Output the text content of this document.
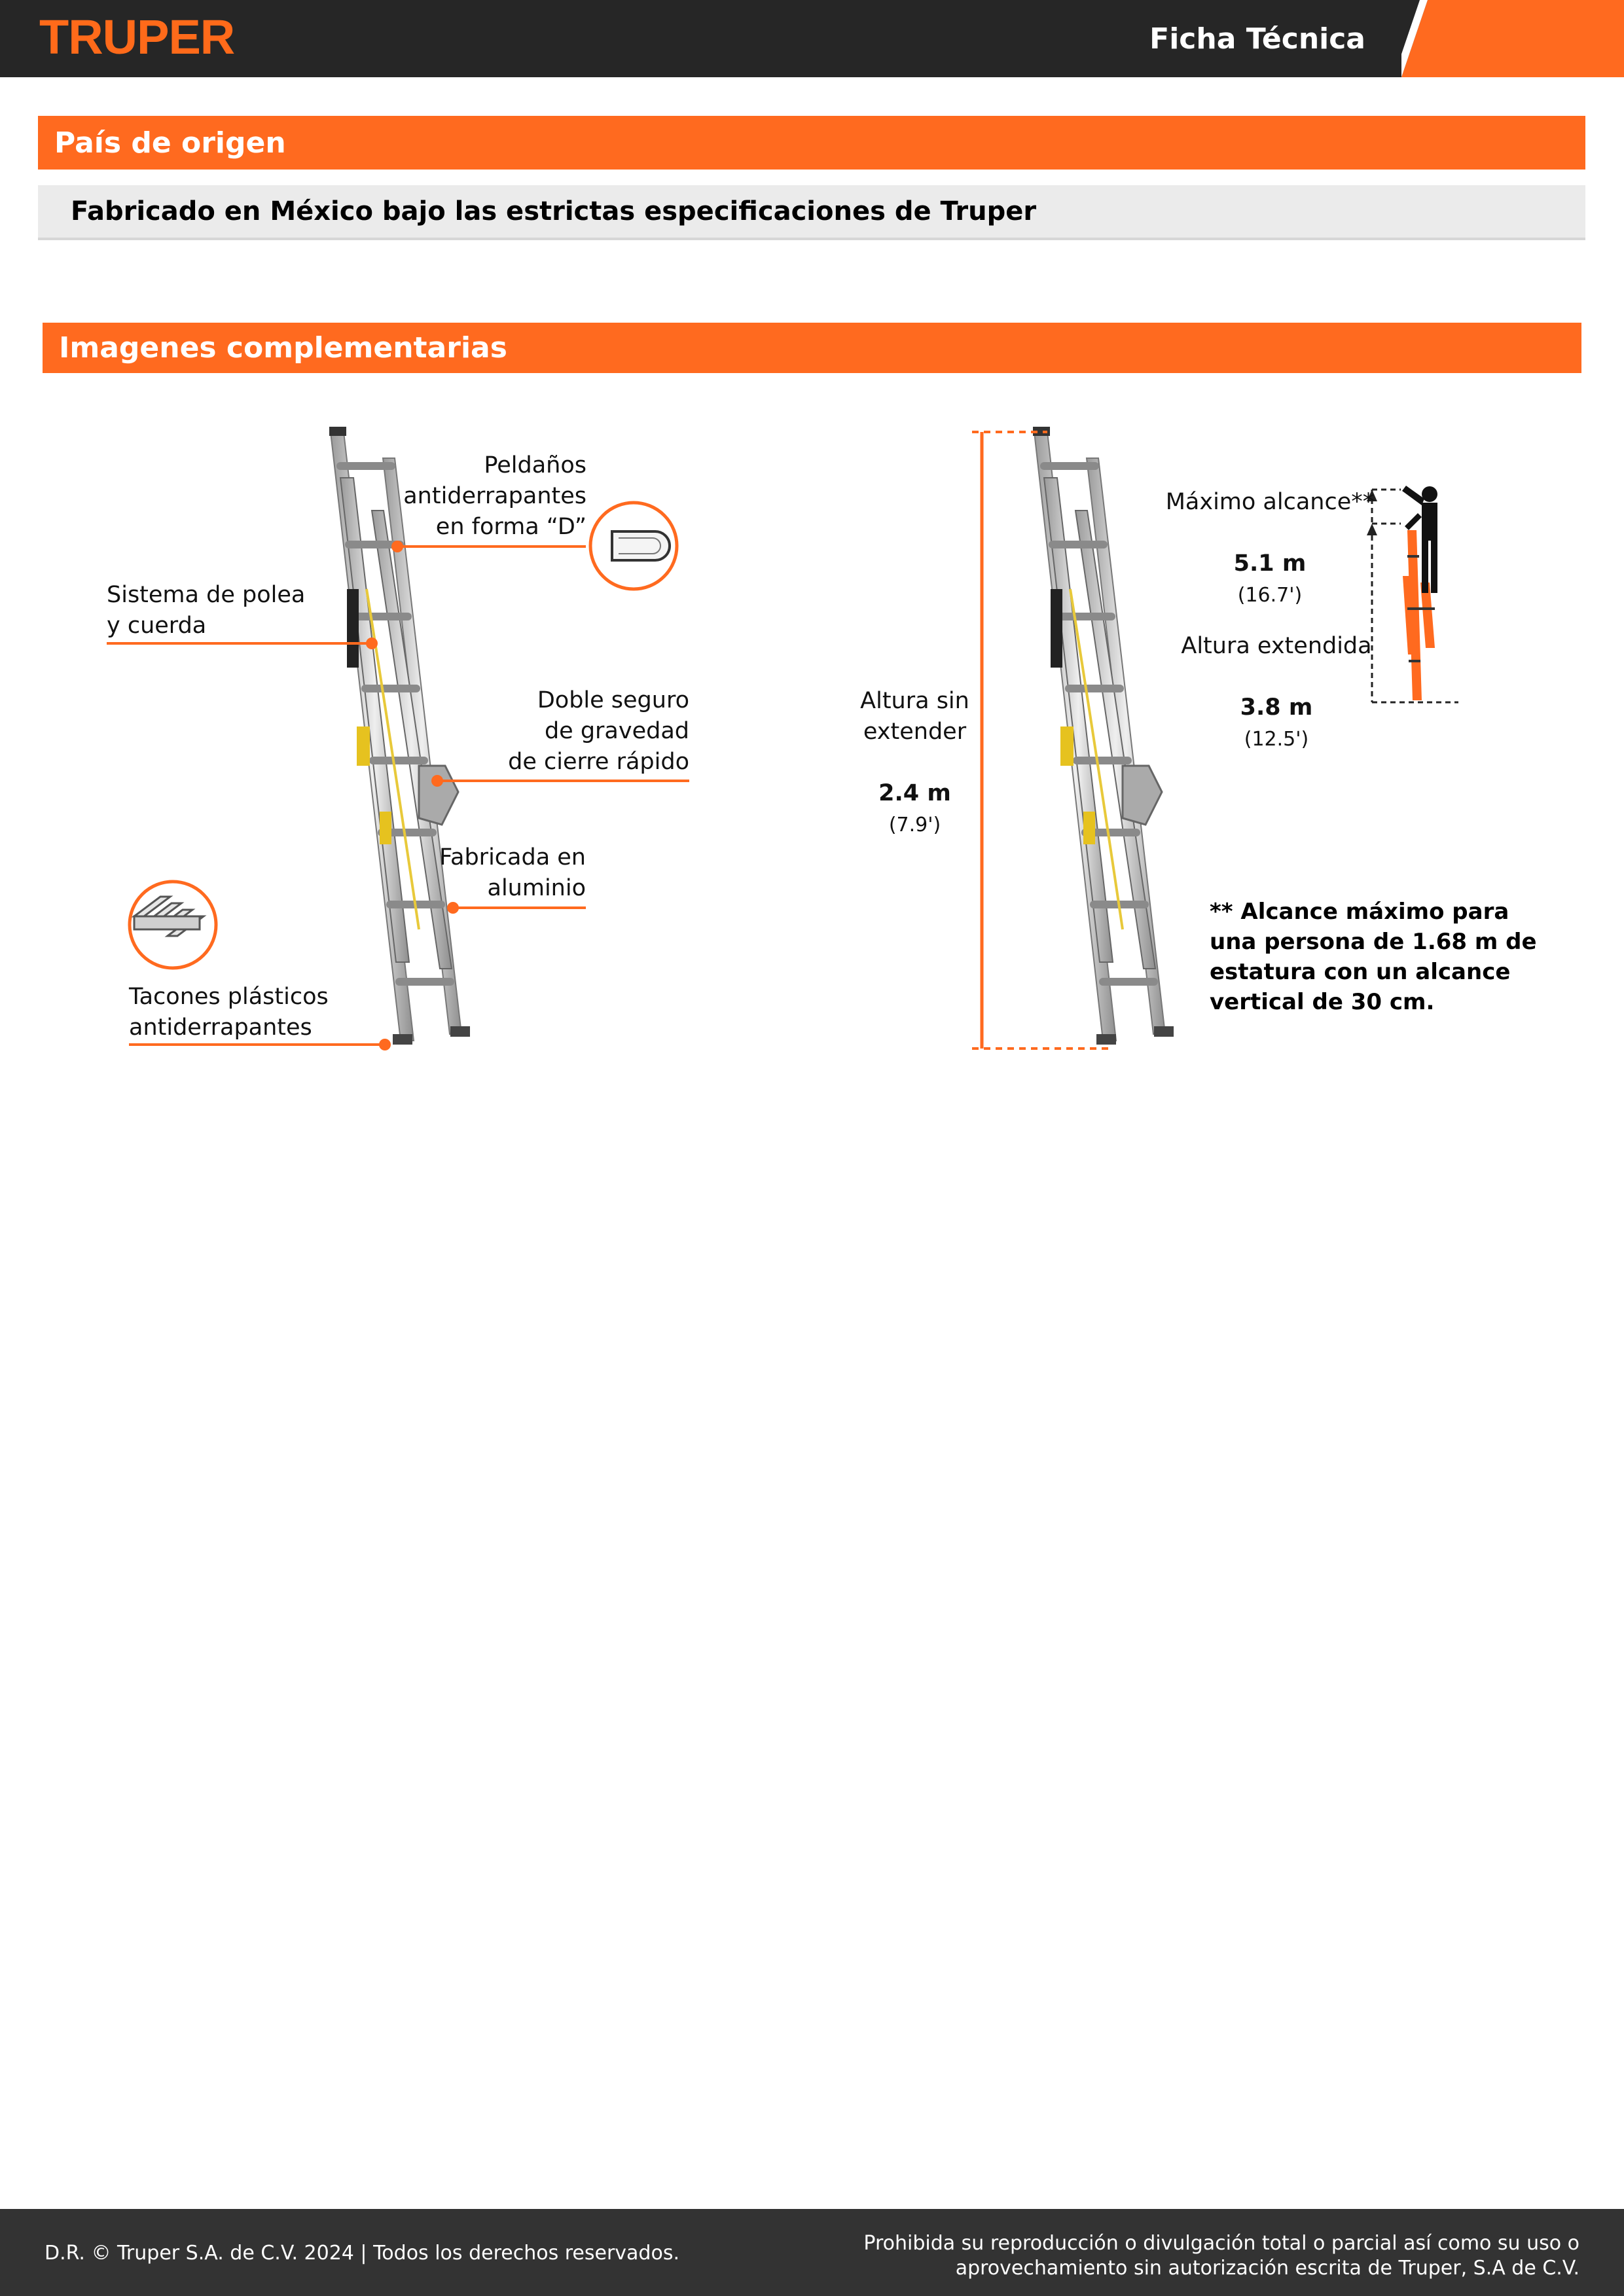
TRUPER	Ficha Técnica
País de origen
Fabricado en México bajo las estrictas especificaciones de Truper
Imagenes complementarias
Peldaños
antiderrapantes
en forma “D”
Sistema de polea
y cuerda
Doble seguro
de gravedad
de cierre rápido
Fabricada en
aluminio
Tacones plásticos
antiderrapantes

Altura sin
extender

2.4 m
(7.9')

Máximo alcance**

5.1 m
(16.7')

Altura extendida

3.8 m
(12.5')

** Alcance máximo para
una persona de 1.68 m de
estatura con un alcance
vertical de 30 cm.
D.R. © Truper S.A. de C.V. 2024 | Todos los derechos reservados.	Prohibida su reproducción o divulgación total o parcial así como su uso o
aprovechamiento sin autorización escrita de Truper, S.A de C.V.
